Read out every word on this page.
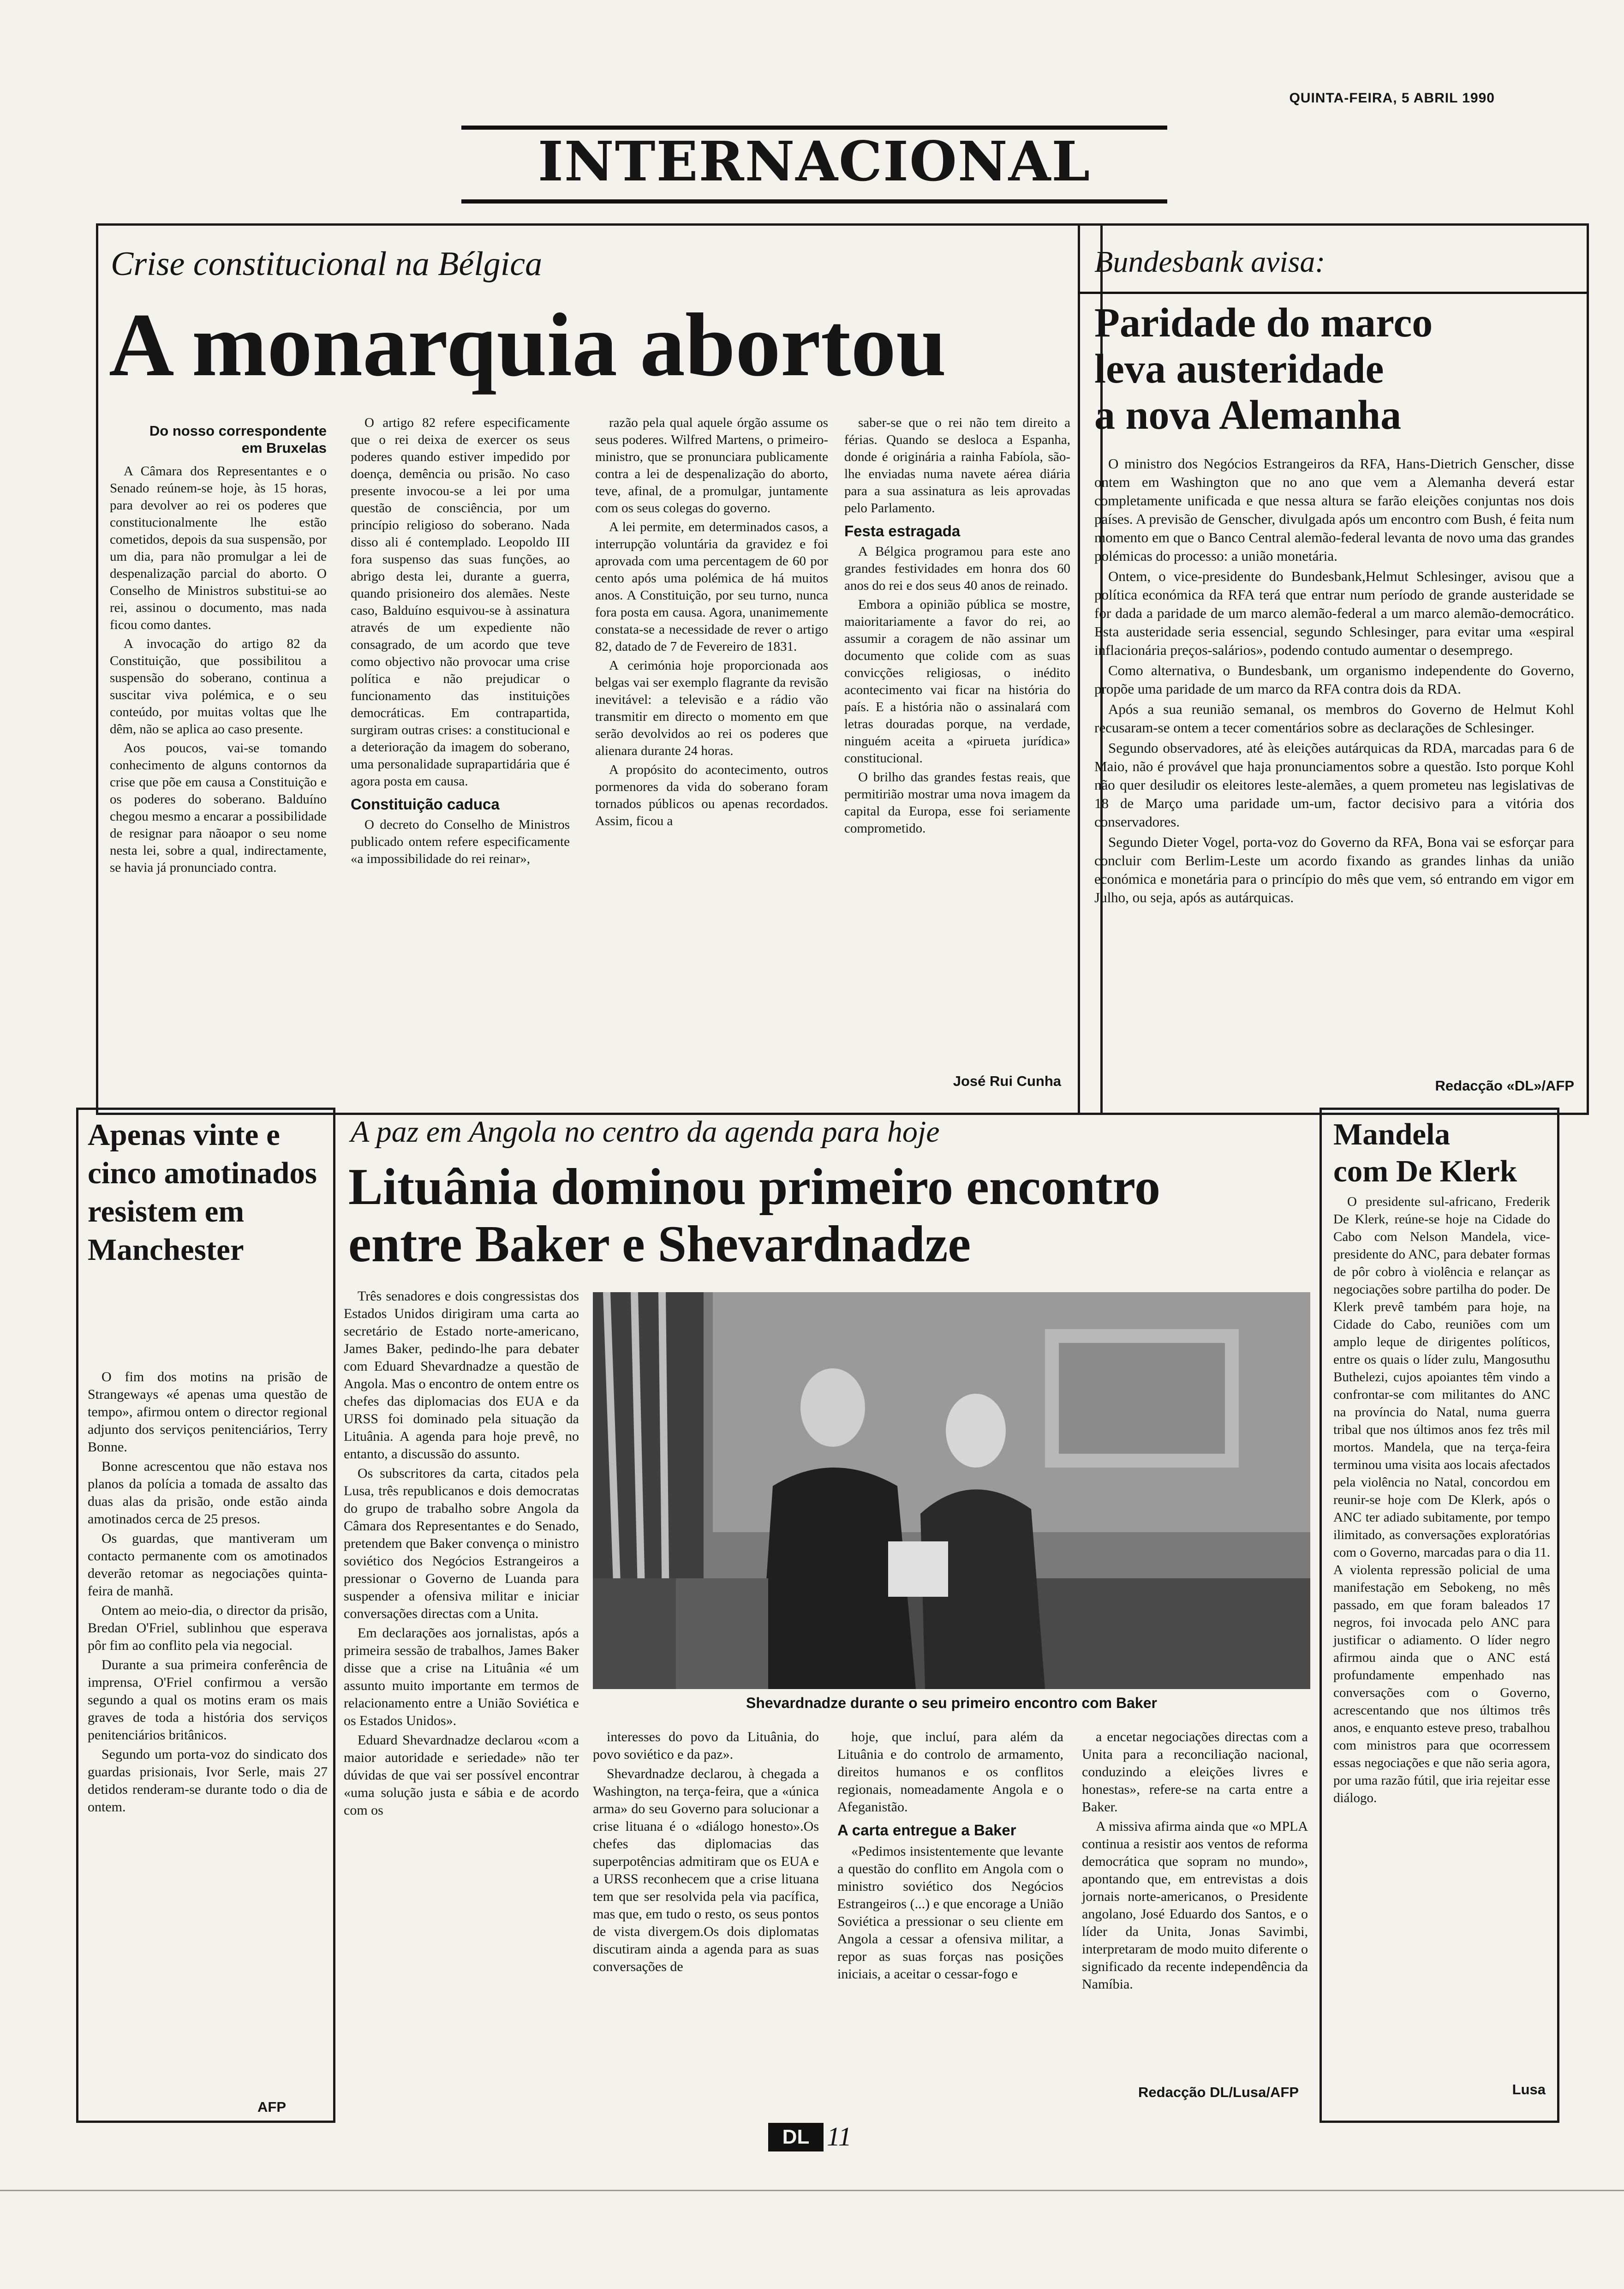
QUINTA-FEIRA, 5 ABRIL 1990
INTERNACIONAL
Crise constitucional na Bélgica
A monarquia abortou
Do nosso correspondente
em Bruxelas

A Câmara dos Representantes e o Senado reúnem-se hoje, às 15 horas, para devolver ao rei os poderes que constitucionalmente lhe estão cometidos, depois da sua suspensão, por um dia, para não promulgar a lei de despenalização parcial do aborto. O Conselho de Ministros substitui-se ao rei, assinou o documento, mas nada ficou como dantes.

A invocação do artigo 82 da Constituição, que possibilitou a suspensão do soberano, continua a suscitar viva polémica, e o seu conteúdo, por muitas voltas que lhe dêm, não se aplica ao caso presente.

Aos poucos, vai-se tomando conhecimento de alguns contornos da crise que põe em causa a Constituição e os poderes do soberano. Balduíno chegou mesmo a encarar a possibilidade de resignar para nãoapor o seu nome nesta lei, sobre a qual, indirectamente, se havia já pronunciado contra.

O artigo 82 refere especificamente que o rei deixa de exercer os seus poderes quando estiver impedido por doença, demência ou prisão. No caso presente invocou-se a lei por uma questão de consciência, por um princípio religioso do soberano. Nada disso ali é contemplado. Leopoldo III fora suspenso das suas funções, ao abrigo desta lei, durante a guerra, quando prisioneiro dos alemães. Neste caso, Balduíno esquivou-se à assinatura através de um expediente não consagrado, de um acordo que teve como objectivo não provocar uma crise política e não prejudicar o funcionamento das instituições democráticas. Em contrapartida, surgiram outras crises: a constitucional e a deterioração da imagem do soberano, uma personalidade suprapartidária que é agora posta em causa.

Constituição caduca

O decreto do Conselho de Ministros publicado ontem refere especificamente «a impossibilidade do rei reinar»,

razão pela qual aquele órgão assume os seus poderes. Wilfred Martens, o primeiro-ministro, que se pronunciara publicamente contra a lei de despenalização do aborto, teve, afinal, de a promulgar, juntamente com os seus colegas do governo.

A lei permite, em determinados casos, a interrupção voluntária da gravidez e foi aprovada com uma percentagem de 60 por cento após uma polémica de há muitos anos. A Constituição, por seu turno, nunca fora posta em causa. Agora, unanimemente constata-se a necessidade de rever o artigo 82, datado de 7 de Fevereiro de 1831.

A cerimónia hoje proporcionada aos belgas vai ser exemplo flagrante da revisão inevitável: a televisão e a rádio vão transmitir em directo o momento em que serão devolvidos ao rei os poderes que alienara durante 24 horas.

A propósito do acontecimento, outros pormenores da vida do soberano foram tornados públicos ou apenas recordados. Assim, ficou a

saber-se que o rei não tem direito a férias. Quando se desloca a Espanha, donde é originária a rainha Fabíola, são-lhe enviadas numa navete aérea diária para a sua assinatura as leis aprovadas pelo Parlamento.

Festa estragada

A Bélgica programou para este ano grandes festividades em honra dos 60 anos do rei e dos seus 40 anos de reinado.

Embora a opinião pública se mostre, maioritariamente a favor do rei, ao assumir a coragem de não assinar um documento que colide com as suas convicções religiosas, o inédito acontecimento vai ficar na história do país. E a história não o assinalará com letras douradas porque, na verdade, ninguém aceita a «pirueta jurídica» constitucional.

O brilho das grandes festas reais, que permitirião mostrar uma nova imagem da capital da Europa, esse foi seriamente comprometido.

José Rui Cunha
Bundesbank avisa:
Paridade do marco
leva austeridade
a nova Alemanha

O ministro dos Negócios Estrangeiros da RFA, Hans-Dietrich Genscher, disse ontem em Washington que no ano que vem a Alemanha deverá estar completamente unificada e que nessa altura se farão eleições conjuntas nos dois países. A previsão de Genscher, divulgada após um encontro com Bush, é feita num momento em que o Banco Central alemão-federal levanta de novo uma das grandes polémicas do processo: a união monetária.

Ontem, o vice-presidente do Bundesbank,Helmut Schlesinger, avisou que a política económica da RFA terá que entrar num período de grande austeridade se for dada a paridade de um marco alemão-federal a um marco alemão-democrático. Esta austeridade seria essencial, segundo Schlesinger, para evitar uma «espiral inflacionária preços-salários», podendo contudo aumentar o desemprego.

Como alternativa, o Bundesbank, um organismo independente do Governo, propõe uma paridade de um marco da RFA contra dois da RDA.

Após a sua reunião semanal, os membros do Governo de Helmut Kohl recusaram-se ontem a tecer comentários sobre as declarações de Schlesinger.

Segundo observadores, até às eleições autárquicas da RDA, marcadas para 6 de Maio, não é provável que haja pronunciamentos sobre a questão. Isto porque Kohl não quer desiludir os eleitores leste-alemães, a quem prometeu nas legislativas de 18 de Março uma paridade um-um, factor decisivo para a vitória dos conservadores.

Segundo Dieter Vogel, porta-voz do Governo da RFA, Bona vai se esforçar para concluir com Berlim-Leste um acordo fixando as grandes linhas da união económica e monetária para o princípio do mês que vem, só entrando em vigor em Julho, ou seja, após as autárquicas.

Redacção «DL»/AFP
Apenas vinte e cinco amotinados resistem em Manchester

O fim dos motins na prisão de Strangeways «é apenas uma questão de tempo», afirmou ontem o director regional adjunto dos serviços penitenciários, Terry Bonne.

Bonne acrescentou que não estava nos planos da polícia a tomada de assalto das duas alas da prisão, onde estão ainda amotinados cerca de 25 presos.

Os guardas, que mantiveram um contacto permanente com os amotinados deverão retomar as negociações quinta-feira de manhã.

Ontem ao meio-dia, o director da prisão, Bredan O'Friel, sublinhou que esperava pôr fim ao conflito pela via negocial.

Durante a sua primeira conferência de imprensa, O'Friel confirmou a versão segundo a qual os motins eram os mais graves de toda a história dos serviços penitenciários britânicos.

Segundo um porta-voz do sindicato dos guardas prisionais, Ivor Serle, mais 27 detidos renderam-se durante todo o dia de ontem.

AFP
A paz em Angola no centro da agenda para hoje
Lituânia dominou primeiro encontro
entre Baker e Shevardnadze
Shevardnadze durante o seu primeiro encontro com Baker

Três senadores e dois congressistas dos Estados Unidos dirigiram uma carta ao secretário de Estado norte-americano, James Baker, pedindo-lhe para debater com Eduard Shevardnadze a questão de Angola. Mas o encontro de ontem entre os chefes das diplomacias dos EUA e da URSS foi dominado pela situação da Lituânia. A agenda para hoje prevê, no entanto, a discussão do assunto.

Os subscritores da carta, citados pela Lusa, três republicanos e dois democratas do grupo de trabalho sobre Angola da Câmara dos Representantes e do Senado, pretendem que Baker convença o ministro soviético dos Negócios Estrangeiros a pressionar o Governo de Luanda para suspender a ofensiva militar e iniciar conversações directas com a Unita.

Em declarações aos jornalistas, após a primeira sessão de trabalhos, James Baker disse que a crise na Lituânia «é um assunto muito importante em termos de relacionamento entre a União Soviética e os Estados Unidos».

Eduard Shevardnadze declarou «com a maior autoridade e seriedade» não ter dúvidas de que vai ser possível encontrar «uma solução justa e sábia e de acordo com os

interesses do povo da Lituânia, do povo soviético e da paz».

Shevardnadze declarou, à chegada a Washington, na terça-feira, que a «única arma» do seu Governo para solucionar a crise lituana é o «diálogo honesto».Os chefes das diplomacias das superpotências admitiram que os EUA e a URSS reconhecem que a crise lituana tem que ser resolvida pela via pacífica, mas que, em tudo o resto, os seus pontos de vista divergem.Os dois diplomatas discutiram ainda a agenda para as suas conversações de

hoje, que incluí, para além da Lituânia e do controlo de armamento, direitos humanos e os conflitos regionais, nomeadamente Angola e o Afeganistão.

A carta entregue a Baker

«Pedimos insistentemente que levante a questão do conflito em Angola com o ministro soviético dos Negócios Estrangeiros (...) e que encorage a União Soviética a pressionar o seu cliente em Angola a cessar a ofensiva militar, a repor as suas forças nas posições iniciais, a aceitar o cessar-fogo e

a encetar negociações directas com a Unita para a reconciliação nacional, conduzindo a eleições livres e honestas», refere-se na carta entre a Baker.

A missiva afirma ainda que «o MPLA continua a resistir aos ventos de reforma democrática que sopram no mundo», apontando que, em entrevistas a dois jornais norte-americanos, o Presidente angolano, José Eduardo dos Santos, e o líder da Unita, Jonas Savimbi, interpretaram de modo muito diferente o significado da recente independência da Namíbia.

Redacção DL/Lusa/AFP
Mandela
com De Klerk

O presidente sul-africano, Frederik De Klerk, reúne-se hoje na Cidade do Cabo com Nelson Mandela, vice-presidente do ANC, para debater formas de pôr cobro à violência e relançar as negociações sobre partilha do poder. De Klerk prevê também para hoje, na Cidade do Cabo, reuniões com um amplo leque de dirigentes políticos, entre os quais o líder zulu, Mangosuthu Buthelezi, cujos apoiantes têm vindo a confrontar-se com militantes do ANC na província do Natal, numa guerra tribal que nos últimos anos fez três mil mortos. Mandela, que na terça-feira terminou uma visita aos locais afectados pela violência no Natal, concordou em reunir-se hoje com De Klerk, após o ANC ter adiado subitamente, por tempo ilimitado, as conversações exploratórias com o Governo, marcadas para o dia 11. A violenta repressão policial de uma manifestação em Sebokeng, no mês passado, em que foram baleados 17 negros, foi invocada pelo ANC para justificar o adiamento. O líder negro afirmou ainda que o ANC está profundamente empenhado nas conversações com o Governo, acrescentando que nos últimos três anos, e enquanto esteve preso, trabalhou com ministros para que ocorressem essas negociações e que não seria agora, por uma razão fútil, que iria rejeitar esse diálogo.

Lusa
DL 11
